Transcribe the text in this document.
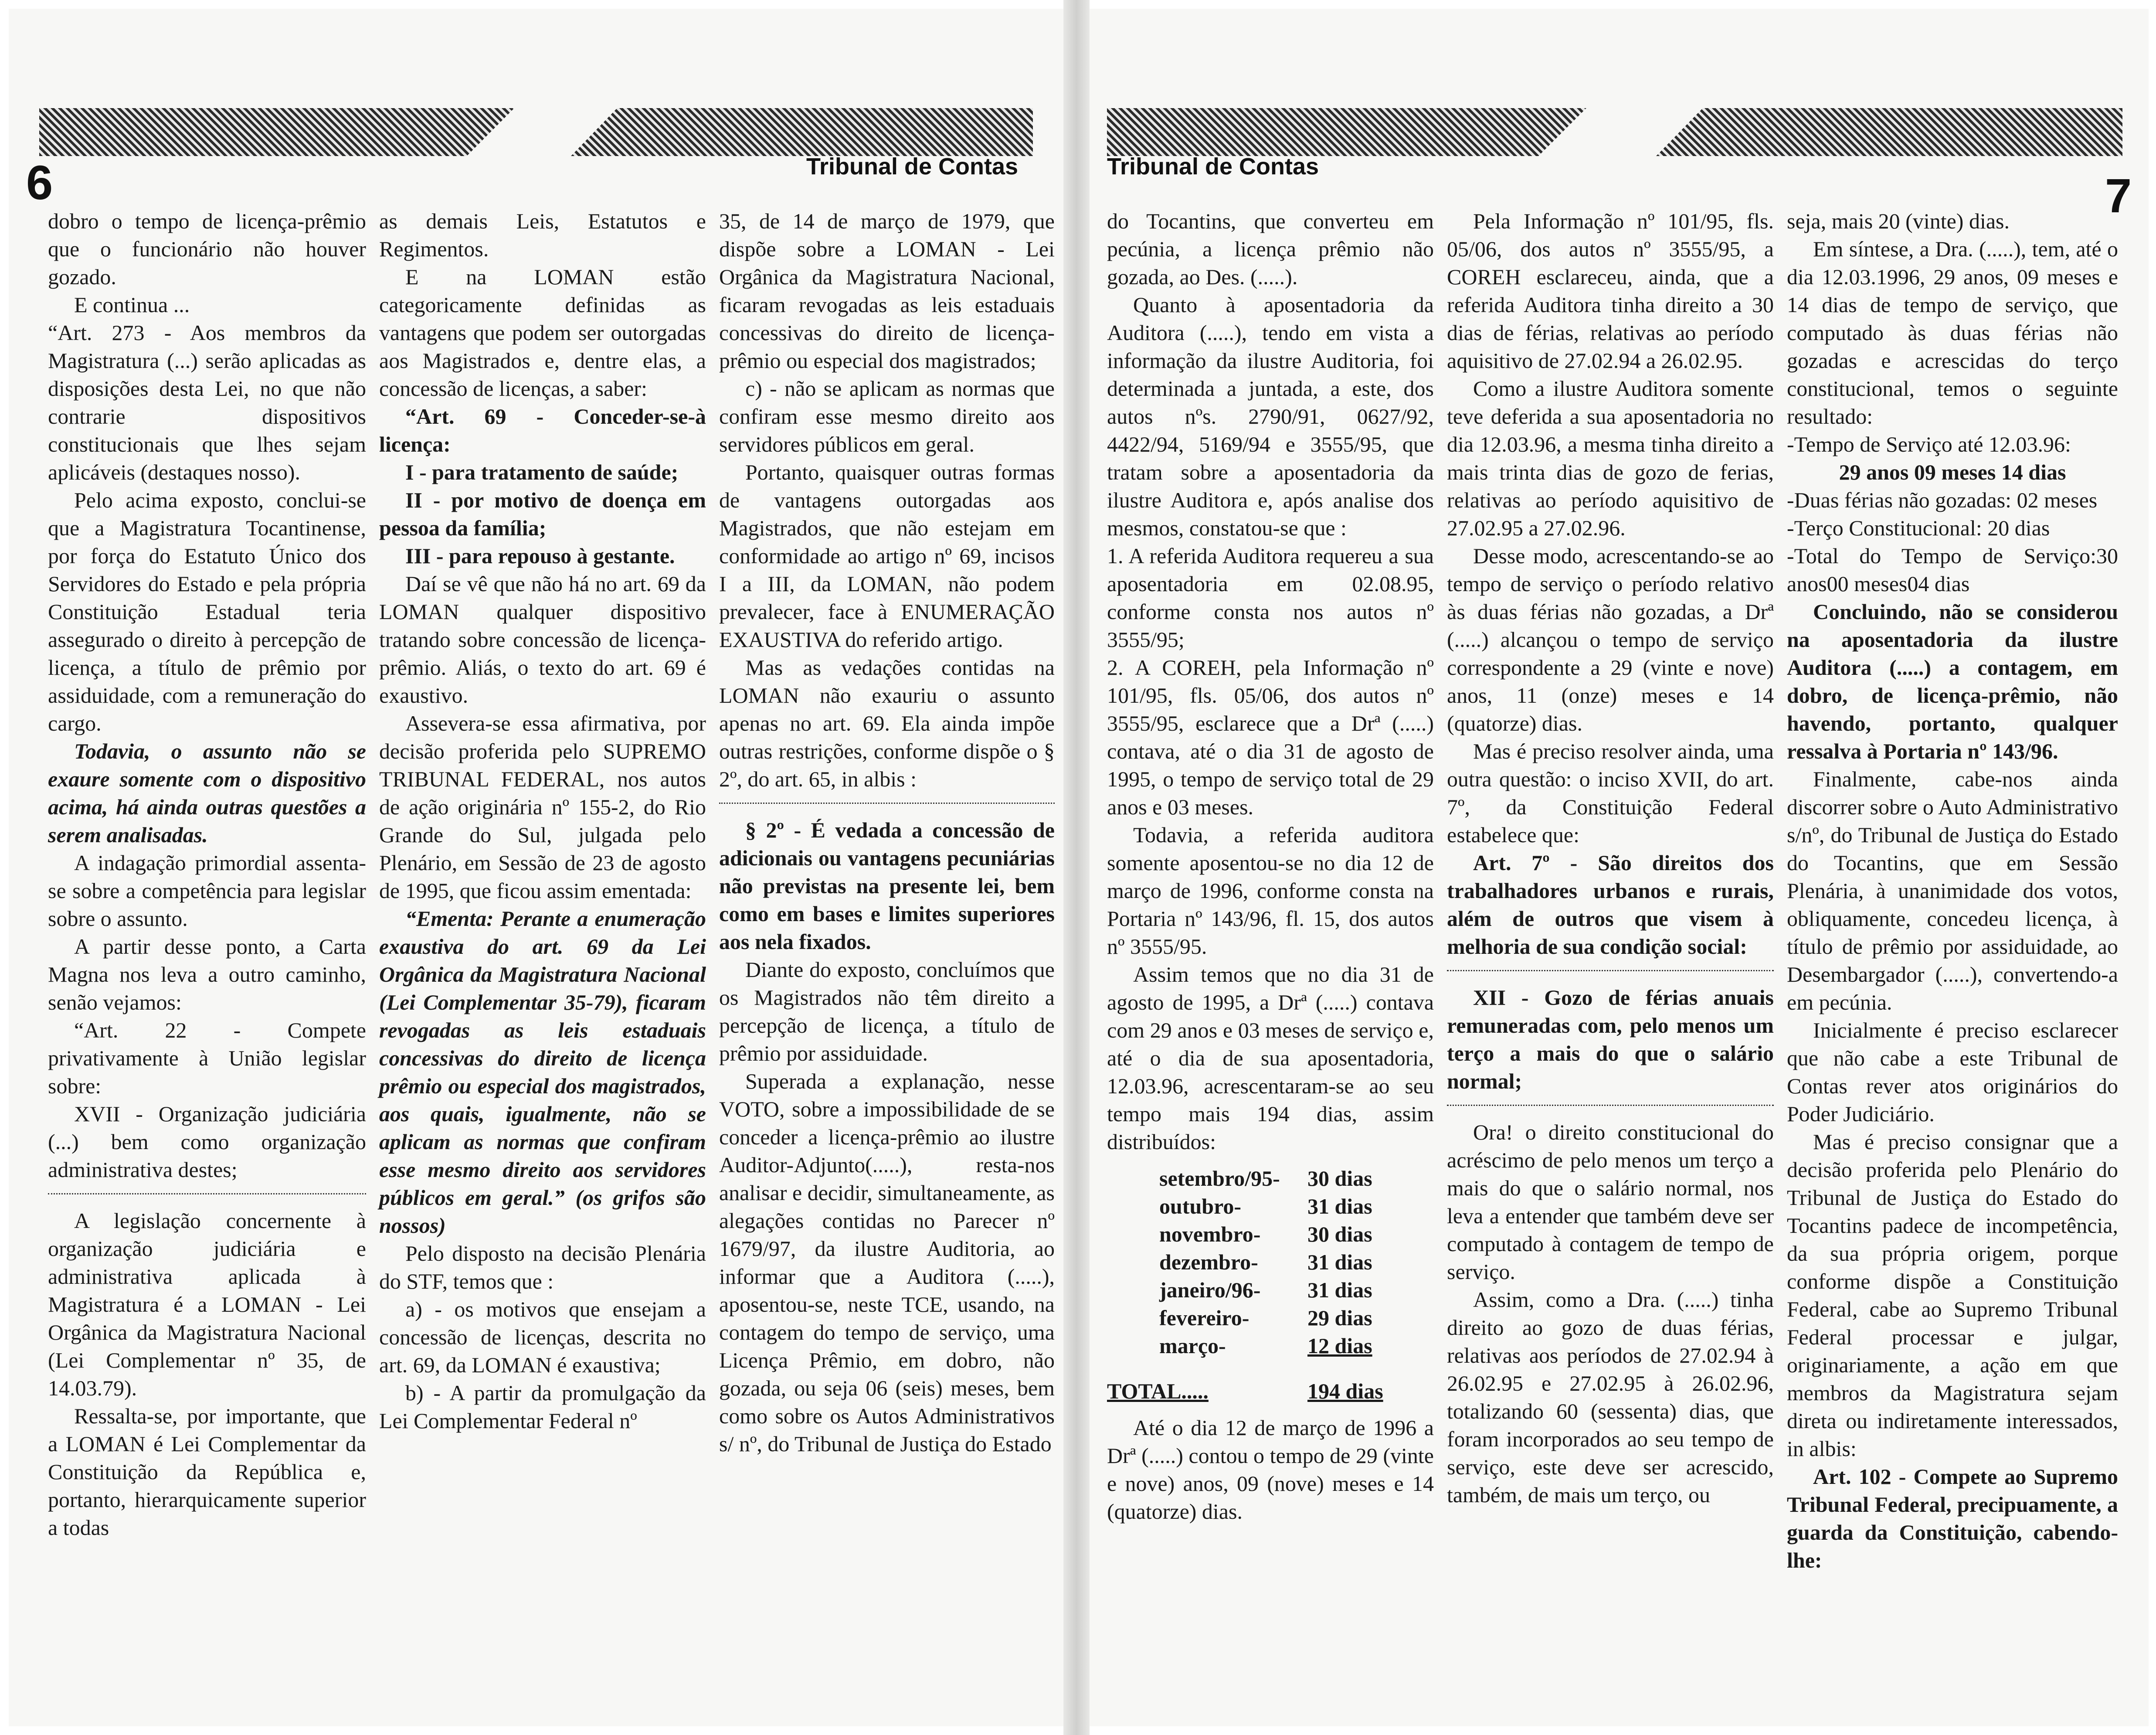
6	Tribunal de Contas

dobro o tempo de licença-prêmio que o funcionário não houver gozado.

E continua ...

“Art. 273 - Aos membros da Magistratura (...) serão aplicadas as disposições desta Lei, no que não contrarie dispositivos constitucionais que lhes sejam aplicáveis (destaques nosso).

Pelo acima exposto, conclui-se que a Magistratura Tocantinense, por força do Estatuto Único dos Servidores do Estado e pela própria Constituição Estadual teria assegurado o direito à percepção de licença, a título de prêmio por assiduidade, com a remuneração do cargo.

Todavia, o assunto não se exaure somente com o dispositivo acima, há ainda outras questões a serem analisadas.

A indagação primordial assenta-se sobre a competência para legislar sobre o assunto.

A partir desse ponto, a Carta Magna nos leva a outro caminho, senão vejamos:

“Art. 22 - Compete privativamente à União legislar sobre:

XVII - Organização judiciária (...) bem como organização administrativa destes;

A legislação concernente à organização judiciária e administrativa aplicada à Magistratura é a LOMAN - Lei Orgânica da Magistratura Nacional (Lei Complementar nº 35, de 14.03.79).

Ressalta-se, por importante, que a LOMAN é Lei Complementar da Constituição da República e, portanto, hierarquicamente superior a todas

as demais Leis, Estatutos e Regimentos.

E na LOMAN estão categoricamente definidas as vantagens que podem ser outorgadas aos Magistrados e, dentre elas, a concessão de licenças, a saber:

“Art. 69 - Conceder-se-à licença:

I - para tratamento de saúde;

II - por motivo de doença em pessoa da família;

III - para repouso à gestante.

Daí se vê que não há no art. 69 da LOMAN qualquer dispositivo tratando sobre concessão de licença-prêmio. Aliás, o texto do art. 69 é exaustivo.

Assevera-se essa afirmativa, por decisão proferida pelo SUPREMO TRIBUNAL FEDERAL, nos autos de ação originária nº 155-2, do Rio Grande do Sul, julgada pelo Plenário, em Sessão de 23 de agosto de 1995, que ficou assim ementada:

“Ementa: Perante a enumeração exaustiva do art. 69 da Lei Orgânica da Magistratura Nacional (Lei Complementar 35-79), ficaram revogadas as leis estaduais concessivas do direito de licença prêmio ou especial dos magistrados, aos quais, igualmente, não se aplicam as normas que confiram esse mesmo direito aos servidores públicos em geral.” (os grifos são nossos)

Pelo disposto na decisão Plenária do STF, temos que :

a) - os motivos que ensejam a concessão de licenças, descrita no art. 69, da LOMAN é exaustiva;

b) - A partir da promulgação da Lei Complementar Federal nº

35, de 14 de março de 1979, que dispõe sobre a LOMAN - Lei Orgânica da Magistratura Nacional, ficaram revogadas as leis estaduais concessivas do direito de licença-prêmio ou especial dos magistrados;

c) - não se aplicam as normas que confiram esse mesmo direito aos servidores públicos em geral.

Portanto, quaisquer outras formas de vantagens outorgadas aos Magistrados, que não estejam em conformidade ao artigo nº 69, incisos I a III, da LOMAN, não podem prevalecer, face à ENUMERAÇÃO EXAUSTIVA do referido artigo.

Mas as vedações contidas na LOMAN não exauriu o assunto apenas no art. 69. Ela ainda impõe outras restrições, conforme dispõe o § 2º, do art. 65, in albis :

§ 2º - É vedada a concessão de adicionais ou vantagens pecuniárias não previstas na presente lei, bem como em bases e limites superiores aos nela fixados.

Diante do exposto, concluímos que os Magistrados não têm direito a percepção de licença, a título de prêmio por assiduidade.

Superada a explanação, nesse VOTO, sobre a impossibilidade de se conceder a licença-prêmio ao ilustre Auditor-Adjunto(.....), resta-nos analisar e decidir, simultaneamente, as alegações contidas no Parecer nº 1679/97, da ilustre Auditoria, ao informar que a Auditora (.....), aposentou-se, neste TCE, usando, na contagem do tempo de serviço, uma Licença Prêmio, em dobro, não gozada, ou seja 06 (seis) meses, bem como sobre os Autos Administrativos s/ nº, do Tribunal de Justiça do Estado

Tribunal de Contas
7

do Tocantins, que converteu em pecúnia, a licença prêmio não gozada, ao Des. (.....).

Quanto à aposentadoria da Auditora (.....), tendo em vista a informação da ilustre Auditoria, foi determinada a juntada, a este, dos autos nºs. 2790/91, 0627/92, 4422/94, 5169/94 e 3555/95, que tratam sobre a aposentadoria da ilustre Auditora e, após analise dos mesmos, constatou-se que :

1. A referida Auditora requereu a sua aposentadoria em 02.08.95, conforme consta nos autos nº 3555/95;

2. A COREH, pela Informação nº 101/95, fls. 05/06, dos autos nº 3555/95, esclarece que a Drª (.....) contava, até o dia 31 de agosto de 1995, o tempo de serviço total de 29 anos e 03 meses.

Todavia, a referida auditora somente aposentou-se no dia 12 de março de 1996, conforme consta na Portaria nº 143/96, fl. 15, dos autos nº 3555/95.

Assim temos que no dia 31 de agosto de 1995, a Drª (.....) contava com 29 anos e 03 meses de serviço e, até o dia de sua aposentadoria, 12.03.96, acrescentaram-se ao seu tempo mais 194 dias, assim distribuídos:

setembro/95-	30 dias
outubro-	31 dias
novembro-	30 dias
dezembro-	31 dias
janeiro/96-	31 dias
fevereiro-	29 dias
março-	12 dias
TOTAL.....	194 dias

Até o dia 12 de março de 1996 a Drª (.....) contou o tempo de 29 (vinte e nove) anos, 09 (nove) meses e 14 (quatorze) dias.

Pela Informação nº 101/95, fls. 05/06, dos autos nº 3555/95, a COREH esclareceu, ainda, que a referida Auditora tinha direito a 30 dias de férias, relativas ao período aquisitivo de 27.02.94 a 26.02.95.

Como a ilustre Auditora somente teve deferida a sua aposentadoria no dia 12.03.96, a mesma tinha direito a mais trinta dias de gozo de ferias, relativas ao período aquisitivo de 27.02.95 a 27.02.96.

Desse modo, acrescentando-se ao tempo de serviço o período relativo às duas férias não gozadas, a Drª (.....) alcançou o tempo de serviço correspondente a 29 (vinte e nove) anos, 11 (onze) meses e 14 (quatorze) dias.

Mas é preciso resolver ainda, uma outra questão: o inciso XVII, do art. 7º, da Constituição Federal estabelece que:

Art. 7º - São direitos dos trabalhadores urbanos e rurais, além de outros que visem à melhoria de sua condição social:

XII - Gozo de férias anuais remuneradas com, pelo menos um terço a mais do que o salário normal;

Ora! o direito constitucional do acréscimo de pelo menos um terço a mais do que o salário normal, nos leva a entender que também deve ser computado à contagem de tempo de serviço.

Assim, como a Dra. (.....) tinha direito ao gozo de duas férias, relativas aos períodos de 27.02.94 à 26.02.95 e 27.02.95 à 26.02.96, totalizando 60 (sessenta) dias, que foram incorporados ao seu tempo de serviço, este deve ser acrescido, também, de mais um terço, ou

seja, mais 20 (vinte) dias.

Em síntese, a Dra. (.....), tem, até o dia 12.03.1996, 29 anos, 09 meses e 14 dias de tempo de serviço, que computado às duas férias não gozadas e acrescidas do terço constitucional, temos o seguinte resultado:

-Tempo de Serviço até 12.03.96:

29 anos 09 meses 14 dias

-Duas férias não gozadas: 02 meses

-Terço Constitucional: 20 dias

-Total do Tempo de Serviço:30 anos00 meses04 dias

Concluindo, não se considerou na aposentadoria da ilustre Auditora (.....) a contagem, em dobro, de licença-prêmio, não havendo, portanto, qualquer ressalva à Portaria nº 143/96.

Finalmente, cabe-nos ainda discorrer sobre o Auto Administrativo s/nº, do Tribunal de Justiça do Estado do Tocantins, que em Sessão Plenária, à unanimidade dos votos, obliquamente, concedeu licença, à título de prêmio por assiduidade, ao Desembargador (.....), convertendo-a em pecúnia.

Inicialmente é preciso esclarecer que não cabe a este Tribunal de Contas rever atos originários do Poder Judiciário.

Mas é preciso consignar que a decisão proferida pelo Plenário do Tribunal de Justiça do Estado do Tocantins padece de incompetência, da sua própria origem, porque conforme dispõe a Constituição Federal, cabe ao Supremo Tribunal Federal processar e julgar, originariamente, a ação em que membros da Magistratura sejam direta ou indiretamente interessados, in albis:

Art. 102 - Compete ao Supremo Tribunal Federal, precipuamente, a guarda da Constituição, cabendo-lhe:
